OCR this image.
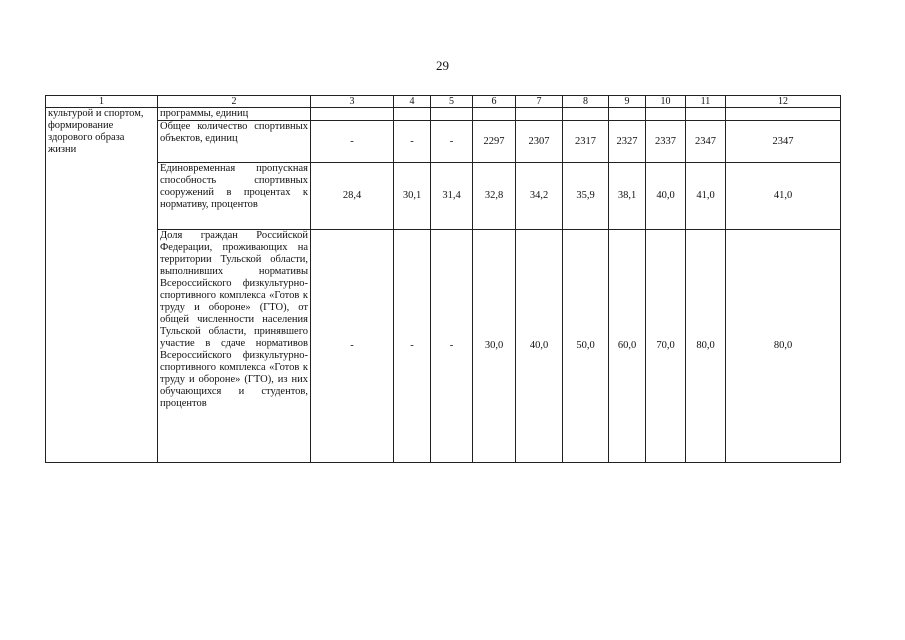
29
1	2	3	4	5	6	7	8	9	10	11	12
культурой и спортом, формирование здорового образа жизни	программы, единиц										
	Общее количество спортивных объектов, единиц	-	-	-	2297	2307	2317	2327	2337	2347	2347
	Единовременная пропускная способность спортивных сооружений в процентах к нормативу, процентов	28,4	30,1	31,4	32,8	34,2	35,9	38,1	40,0	41,0	41,0
	Доля граждан Российской Федерации, проживающих на территории Тульской области, выполнивших нормативы Всероссийского физкультурно-спортивного комплекса «Готов к труду и обороне» (ГТО), от общей численности населения Тульской области, принявшего участие в сдаче нормативов Всероссийского физкультурно-спортивного комплекса «Готов к труду и обороне» (ГТО), из них обучающихся и студентов, процентов	-	-	-	30,0	40,0	50,0	60,0	70,0	80,0	80,0
